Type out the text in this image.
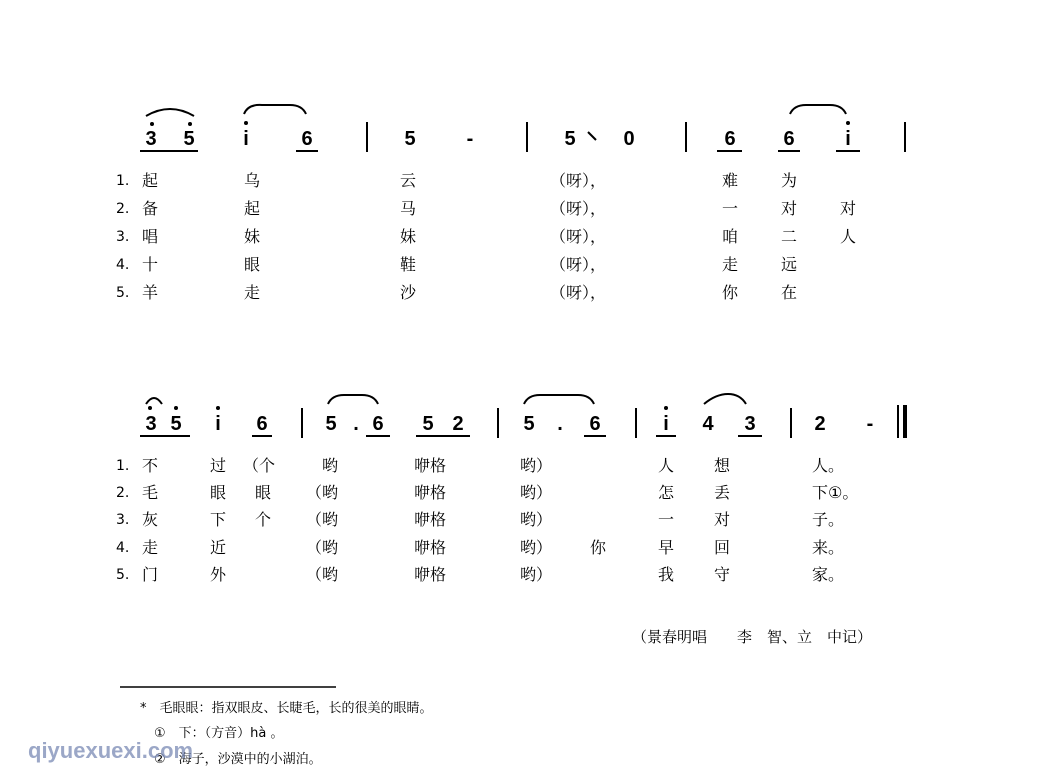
3 5 i	6	5	-	5 0	6 6	i
1. 起	乌	云	（呀），	难	为
2. 备	起	马	（呀），	一	对	对
3. 唱	妹	妹	（呀），	咱	二	人
4. 十	眼	鞋	（呀），	走	远
5. 羊	走	沙	（呀），	你	在
3 5 i 6	5 . 6 5 2	5 . 6	i 4 3	2 -
1. 不	过 （个	哟	咿格	哟）	人 想	人。
2. 毛	眼 眼 （哟	咿格	哟）	怎 丢	下①。
3. 灰	下 个 （哟	咿格	哟）	一 对	子。
4. 走	近	（哟	咿格	哟） 你	早 回	来。
5. 门	外	（哟	咿格	哟）	我 守	家。
（景春明唱　　李　智、立　中记）
*　毛眼眼：指双眼皮、长睫毛，长的很美的眼睛。
①　下：（方音）hà 。
②　海子，沙漠中的小湖泊。
qiyuexuexi.com
